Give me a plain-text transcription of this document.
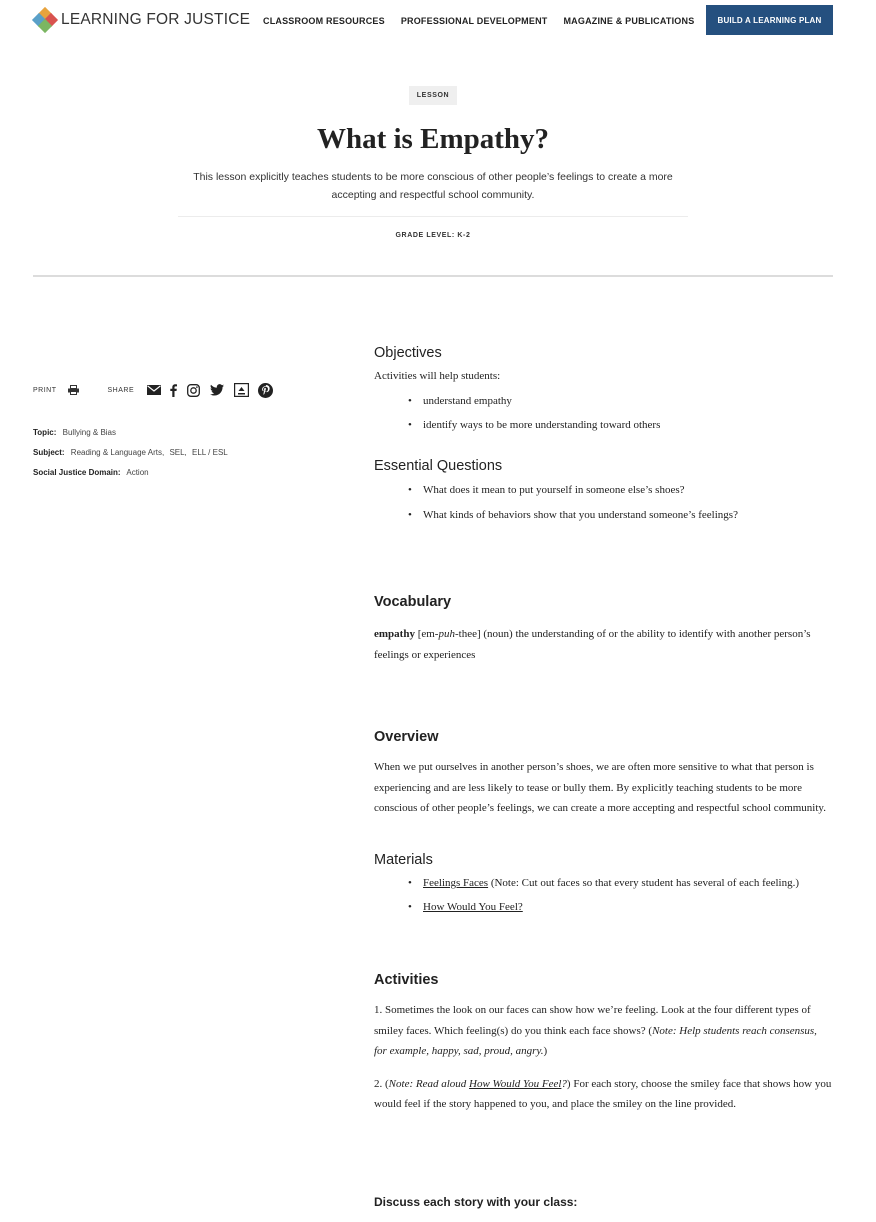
LEARNING FOR JUSTICE CLASSROOM RESOURCES PROFESSIONAL DEVELOPMENT MAGAZINE & PUBLICATIONS	BUILD A LEARNING PLAN
LESSON
What is Empathy?
This lesson explicitly teaches students to be more conscious of other people’s feelings to create a more accepting and respectful school community.
GRADE LEVEL: K-2
PRINT	SHARE
Topic: Bullying & Bias
Subject: Reading & Language Arts, SEL, ELL / ESL
Social Justice Domain: Action
Objectives
Activities will help students:
• understand empathy
• identify ways to be more understanding toward others
Essential Questions
• What does it mean to put yourself in someone else’s shoes?
• What kinds of behaviors show that you understand someone’s feelings?
Vocabulary
empathy [em-puh-thee] (noun) the understanding of or the ability to identify with another person’s feelings or experiences
Overview
When we put ourselves in another person’s shoes, we are often more sensitive to what that person is experiencing and are less likely to tease or bully them. By explicitly teaching students to be more conscious of other people’s feelings, we can create a more accepting and respectful school community.
Materials
• Feelings Faces (Note: Cut out faces so that every student has several of each feeling.)
• How Would You Feel?
Activities
1. Sometimes the look on our faces can show how we’re feeling. Look at the four different types of smiley faces. Which feeling(s) do you think each face shows? (Note: Help students reach consensus, for example, happy, sad, proud, angry.)
2. (Note: Read aloud How Would You Feel?) For each story, choose the smiley face that shows how you would feel if the story happened to you, and place the smiley on the line provided.
Discuss each story with your class:
